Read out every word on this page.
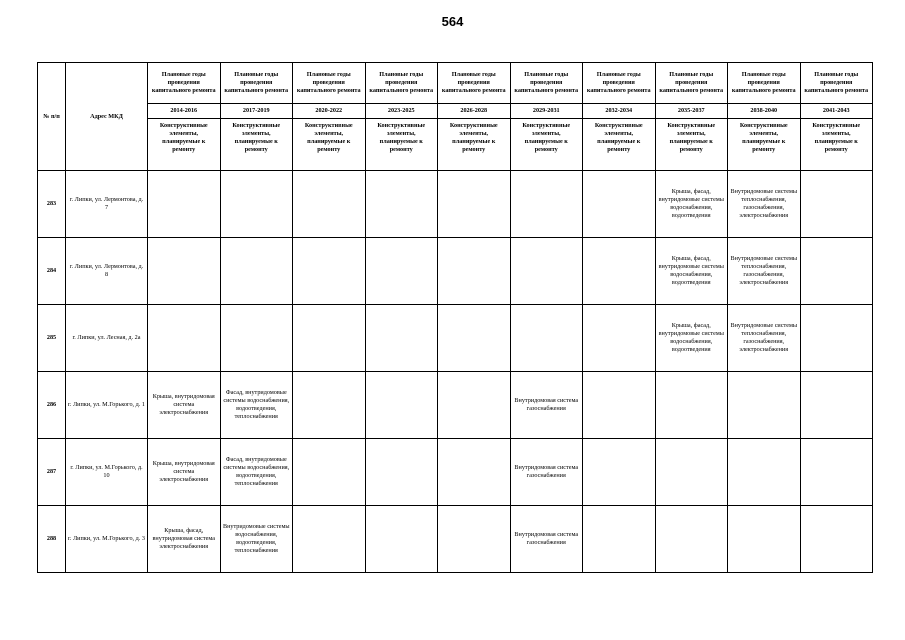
564
№ п/п	Адрес МКД	Плановые годы проведения капитального ремонта	Плановые годы проведения капитального ремонта	Плановые годы проведения капитального ремонта	Плановые годы проведения капитального ремонта	Плановые годы проведения капитального ремонта	Плановые годы проведения капитального ремонта	Плановые годы проведения капитального ремонта	Плановые годы проведения капитального ремонта	Плановые годы проведения капитального ремонта	Плановые годы проведения капитального ремонта
		2014-2016	2017-2019	2020-2022	2023-2025	2026-2028	2029-2031	2032-2034	2035-2037	2038-2040	2041-2043
		Конструктивные элементы, планируемые к ремонту	Конструктивные элементы, планируемые к ремонту	Конструктивные элементы, планируемые к ремонту	Конструктивные элементы, планируемые к ремонту	Конструктивные элементы, планируемые к ремонту	Конструктивные элементы, планируемые к ремонту	Конструктивные элементы, планируемые к ремонту	Конструктивные элементы, планируемые к ремонту	Конструктивные элементы, планируемые к ремонту	Конструктивные элементы, планируемые к ремонту
283	г. Липки, ул. Лермонтова, д. 7								Крыша, фасад, внутридомовые системы водоснабжения, водоотведения	Внутридомовые системы теплоснабжения, газоснабжения, электроснабжения	
284	г. Липки, ул. Лермонтова, д. 8								Крыша, фасад, внутридомовые системы водоснабжения, водоотведения	Внутридомовые системы теплоснабжения, газоснабжения, электроснабжения	
285	г. Липки, ул. Лесная, д. 2а								Крыша, фасад, внутридомовые системы водоснабжения, водоотведения	Внутридомовые системы теплоснабжения, газоснабжения, электроснабжения	
286	г. Липки, ул. М.Горького, д. 1	Крыша, внутридомовая система электроснабжения	Фасад, внутридомовые системы водоснабжения, водоотведения, теплоснабжения				Внутридомовая система газоснабжения				
287	г. Липки, ул. М.Горького, д. 10	Крыша, внутридомовая система электроснабжения	Фасад, внутридомовые системы водоснабжения, водоотведения, теплоснабжения				Внутридомовая система газоснабжения				
288	г. Липки, ул. М.Горького, д. 3	Крыша, фасад, внутридомовая система электроснабжения	Внутридомовые системы водоснабжения, водоотведения, теплоснабжения				Внутридомовая система газоснабжения				
